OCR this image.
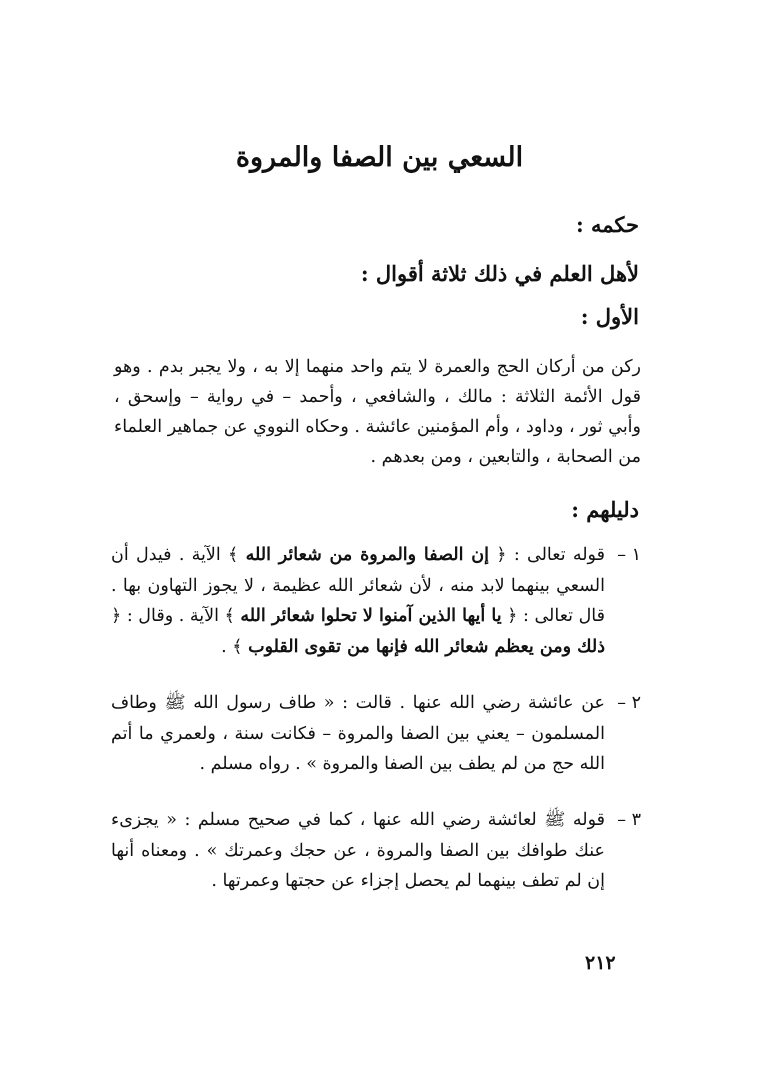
السعي بين الصفا والمروة
حكمه :
لأهل العلم في ذلك ثلاثة أقوال :
الأول :
ركن من أركان الحج والعمرة لا يتم واحد منهما إلا به ، ولا يجبر بدم . وهو قول الأئمة الثلاثة : مالك ، والشافعي ، وأحمد – في رواية – وإسحق ، وأبي ثور ، وداود ، وأم المؤمنين عائشة . وحكاه النووي عن جماهير العلماء من الصحابة ، والتابعين ، ومن بعدهم .
دليلهم :
١ –
قوله تعالى : ﴿ إن الصفا والمروة من شعائر الله ﴾ الآية . فيدل أن السعي بينهما لابد منه ، لأن شعائر الله عظيمة ، لا يجوز التهاون بها . قال تعالى : ﴿ يا أيها الذين آمنوا لا تحلوا شعائر الله ﴾ الآية . وقال : ﴿ ذلك ومن يعظم شعائر الله فإنها من تقوى القلوب ﴾ .
٢ –
عن عائشة رضي الله عنها . قالت : « طاف رسول الله ﷺ وطاف المسلمون – يعني بين الصفا والمروة – فكانت سنة ، ولعمري ما أتم الله حج من لم يطف بين الصفا والمروة » . رواه مسلم .
٣ –
قوله ﷺ لعائشة رضي الله عنها ، كما في صحيح مسلم : « يجزىء عنك طوافك بين الصفا والمروة ، عن حجك وعمرتك » . ومعناه أنها إن لم تطف بينهما لم يحصل إجزاء عن حجتها وعمرتها .
٢١٢
